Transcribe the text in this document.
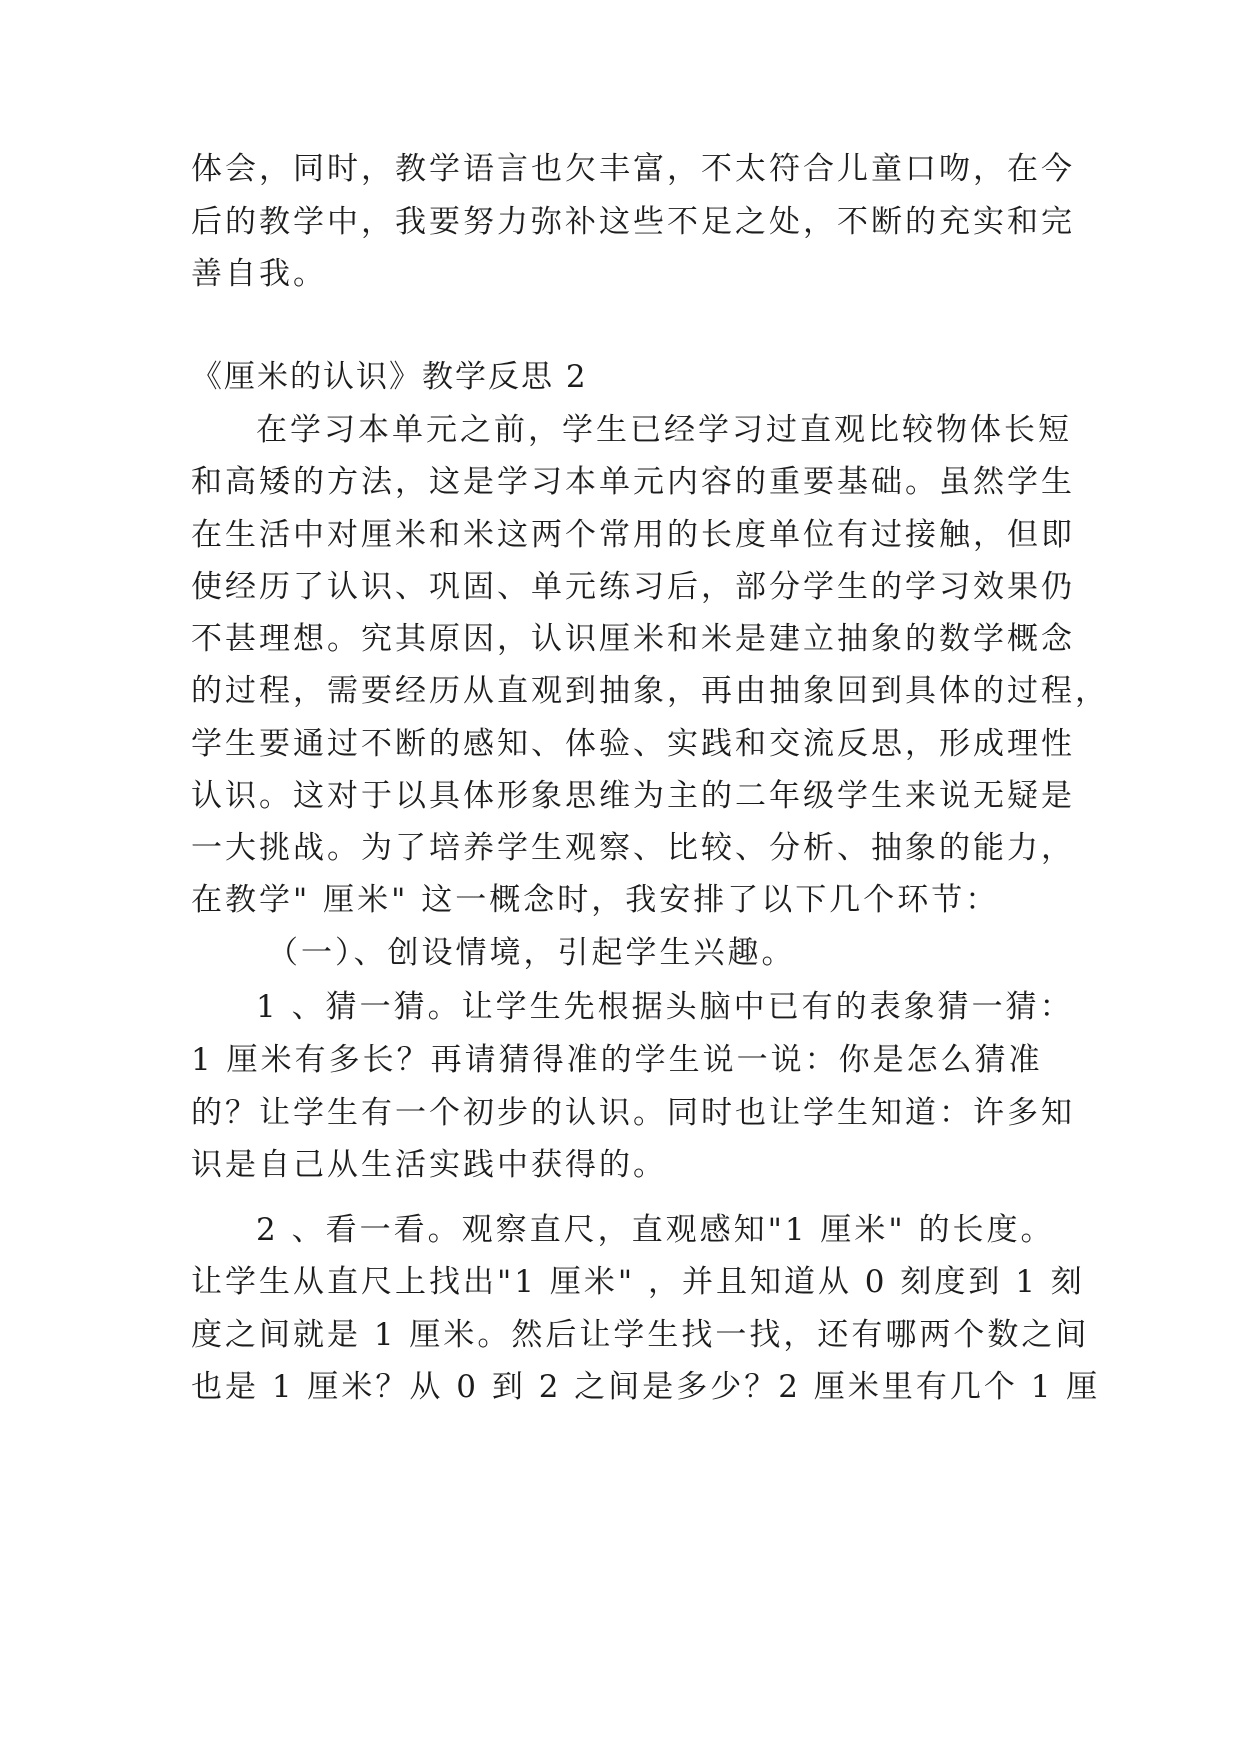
体会，同时，教学语言也欠丰富，不太符合儿童口吻，在今
后的教学中，我要努力弥补这些不足之处，不断的充实和完
善自我。
《厘米的认识》教学反思 2
在学习本单元之前，学生已经学习过直观比较物体长短
和高矮的方法，这是学习本单元内容的重要基础。虽然学生
在生活中对厘米和米这两个常用的长度单位有过接触，但即
使经历了认识、巩固、单元练习后，部分学生的学习效果仍
不甚理想。究其原因，认识厘米和米是建立抽象的数学概念
的过程，需要经历从直观到抽象，再由抽象回到具体的过程，
学生要通过不断的感知、体验、实践和交流反思，形成理性
认识。这对于以具体形象思维为主的二年级学生来说无疑是
一大挑战。为了培养学生观察、比较、分析、抽象的能力，
在教学" 厘米" 这一概念时，我安排了以下几个环节：
（一）、创设情境，引起学生兴趣。
1 、猜一猜。让学生先根据头脑中已有的表象猜一猜：
1 厘米有多长？再请猜得准的学生说一说：你是怎么猜准
的？让学生有一个初步的认识。同时也让学生知道：许多知
识是自己从生活实践中获得的。
2 、看一看。观察直尺，直观感知"1 厘米" 的长度。
让学生从直尺上找出"1 厘米" ，并且知道从 0 刻度到 1 刻
度之间就是 1 厘米。然后让学生找一找，还有哪两个数之间
也是 1 厘米？从 0 到 2 之间是多少？2 厘米里有几个 1 厘
